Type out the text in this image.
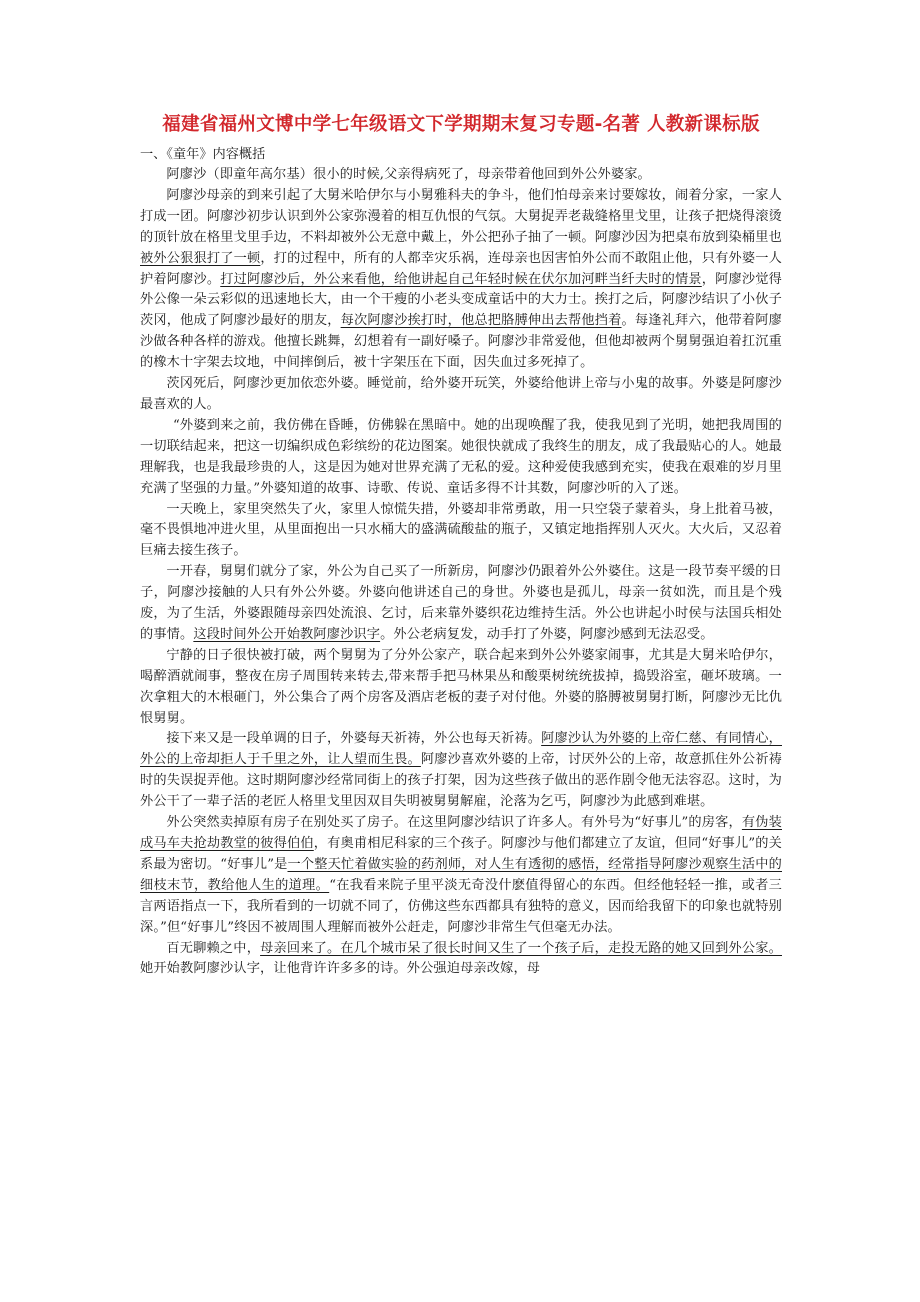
福建省福州文博中学七年级语文下学期期末复习专题-名著 人教新课标版

一、《童年》内容概括

阿廖沙（即童年高尔基）很小的时候,父亲得病死了，母亲带着他回到外公外婆家。

阿廖沙母亲的到来引起了大舅米哈伊尔与小舅雅科夫的争斗，他们怕母亲来讨要嫁妆，闹着分家，一家人打成一团。阿廖沙初步认识到外公家弥漫着的相互仇恨的气氛。大舅捉弄老裁缝格里戈里，让孩子把烧得滚烫的顶针放在格里戈里手边，不料却被外公无意中戴上，外公把孙子抽了一顿。阿廖沙因为把桌布放到染桶里也被外公狠狠打了一顿，打的过程中，所有的人都幸灾乐祸，连母亲也因害怕外公而不敢阻止他，只有外婆一人护着阿廖沙。打过阿廖沙后，外公来看他，给他讲起自己年轻时候在伏尔加河畔当纤夫时的情景，阿廖沙觉得外公像一朵云彩似的迅速地长大，由一个干瘦的小老头变成童话中的大力士。挨打之后，阿廖沙结识了小伙子茨冈，他成了阿廖沙最好的朋友，每次阿廖沙挨打时，他总把胳膊伸出去帮他挡着。每逢礼拜六，他带着阿廖沙做各种各样的游戏。他擅长跳舞，幻想着有一副好嗓子。阿廖沙非常爱他，但他却被两个舅舅强迫着扛沉重的橡木十字架去坟地，中间摔倒后，被十字架压在下面，因失血过多死掉了。

茨冈死后，阿廖沙更加依恋外婆。睡觉前，给外婆开玩笑，外婆给他讲上帝与小鬼的故事。外婆是阿廖沙最喜欢的人。

“外婆到来之前，我仿佛在昏睡，仿佛躲在黑暗中。她的出现唤醒了我，使我见到了光明，她把我周围的一切联结起来，把这一切编织成色彩缤纷的花边图案。她很快就成了我终生的朋友，成了我最贴心的人。她最理解我，也是我最珍贵的人，这是因为她对世界充满了无私的爱。这种爱使我感到充实，使我在艰难的岁月里充满了坚强的力量。”外婆知道的故事、诗歌、传说、童话多得不计其数，阿廖沙听的入了迷。

一天晚上，家里突然失了火，家里人惊慌失措，外婆却非常勇敢，用一只空袋子蒙着头，身上批着马被，毫不畏惧地冲进火里，从里面抱出一只水桶大的盛满硫酸盐的瓶子，又镇定地指挥别人灭火。大火后，又忍着巨痛去接生孩子。

一开春，舅舅们就分了家，外公为自己买了一所新房，阿廖沙仍跟着外公外婆住。这是一段节奏平缓的日子，阿廖沙接触的人只有外公外婆。外婆向他讲述自己的身世。外婆也是孤儿，母亲一贫如洗，而且是个残废，为了生活，外婆跟随母亲四处流浪、乞讨，后来靠外婆织花边维持生活。外公也讲起小时侯与法国兵相处的事情。这段时间外公开始教阿廖沙识字。外公老病复发，动手打了外婆，阿廖沙感到无法忍受。

宁静的日子很快被打破，两个舅舅为了分外公家产，联合起来到外公外婆家闹事，尤其是大舅米哈伊尔，喝醉酒就闹事，整夜在房子周围转来转去,带来帮手把马林果丛和酸栗树统统拔掉，捣毁浴室，砸坏玻璃。一次拿粗大的木根砸门，外公集合了两个房客及酒店老板的妻子对付他。外婆的胳膊被舅舅打断，阿廖沙无比仇恨舅舅。

接下来又是一段单调的日子，外婆每天祈祷，外公也每天祈祷。阿廖沙认为外婆的上帝仁慈、有同情心，外公的上帝却拒人于千里之外，让人望而生畏。阿廖沙喜欢外婆的上帝，讨厌外公的上帝，故意抓住外公祈祷时的失误捉弄他。这时期阿廖沙经常同街上的孩子打架，因为这些孩子做出的恶作剧令他无法容忍。这时，为外公干了一辈子活的老匠人格里戈里因双目失明被舅舅解雇，沦落为乞丐，阿廖沙为此感到难堪。

外公突然卖掉原有房子在别处买了房子。在这里阿廖沙结识了许多人。有外号为“好事儿”的房客，有伪装成马车夫抢劫教堂的彼得伯伯，有奥甫相尼科家的三个孩子。阿廖沙与他们都建立了友谊，但同“好事儿”的关系最为密切。“好事儿”是一个整天忙着做实验的药剂师，对人生有透彻的感悟，经常指导阿廖沙观察生活中的细枝末节，教给他人生的道理。“在我看来院子里平淡无奇没什麽值得留心的东西。但经他轻轻一推，或者三言两语指点一下，我所看到的一切就不同了，仿佛这些东西都具有独特的意义，因而给我留下的印象也就特别深。”但“好事儿”终因不被周围人理解而被外公赶走，阿廖沙非常生气但毫无办法。

百无聊赖之中，母亲回来了。在几个城市呆了很长时间又生了一个孩子后，走投无路的她又回到外公家。她开始教阿廖沙认字，让他背许许多多的诗。外公强迫母亲改嫁，母
